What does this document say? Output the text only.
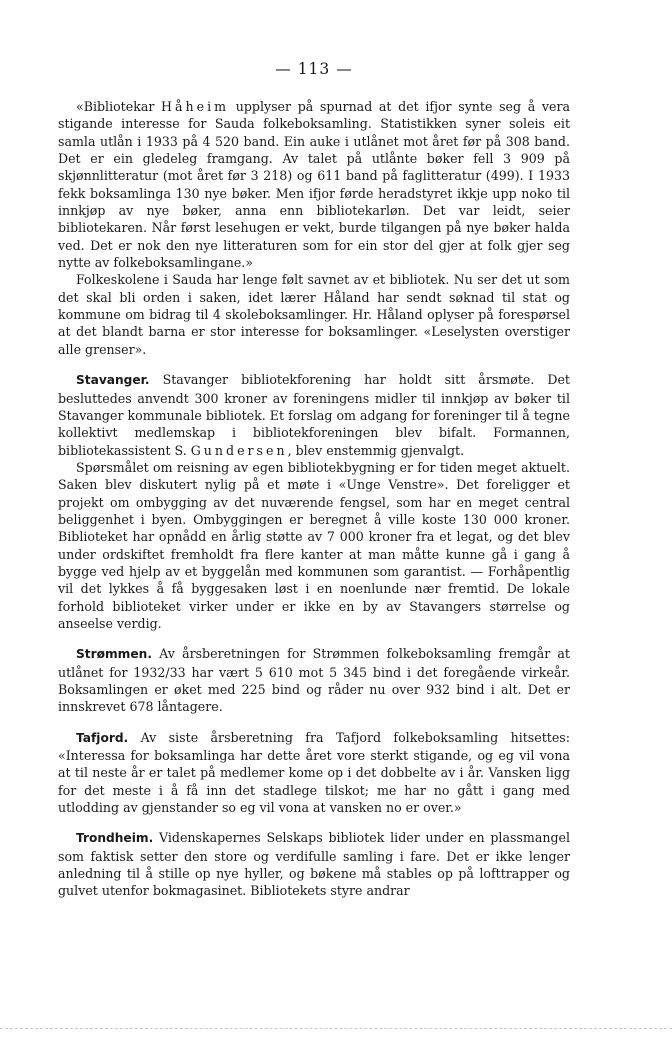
— 113 —

«Bibliotekar Håheim upplyser på spurnad at det ifjor synte seg å vera stigande interesse for Sauda folkeboksamling. Statistikken syner soleis eit samla utlån i 1933 på 4 520 band. Ein auke i utlånet mot året før på 308 band. Det er ein gledeleg framgang. Av talet på utlånte bøker fell 3 909 på skjønnlitteratur (mot året før 3 218) og 611 band på faglitteratur (499). I 1933 fekk boksamlinga 130 nye bøker. Men ifjor førde heradstyret ikkje upp noko til innkjøp av nye bøker, anna enn bibliotekarløn. Det var leidt, seier bibliotekaren. Når først lesehugen er vekt, burde tilgangen på nye bøker halda ved. Det er nok den nye litteraturen som for ein stor del gjer at folk gjer seg nytte av folkeboksamlingane.»

Folkeskolene i Sauda har lenge følt savnet av et bibliotek. Nu ser det ut som det skal bli orden i saken, idet lærer Håland har sendt søknad til stat og kommune om bidrag til 4 skoleboksamlinger. Hr. Håland oplyser på forespørsel at det blandt barna er stor interesse for boksamlinger. «Leselysten overstiger alle grenser».

Stavanger. Stavanger bibliotekforening har holdt sitt årsmøte. Det besluttedes anvendt 300 kroner av foreningens midler til innkjøp av bøker til Stavanger kommunale bibliotek. Et forslag om adgang for foreninger til å tegne kollektivt medlemskap i bibliotekforeningen blev bifalt. Formannen, bibliotekassistent S. Gundersen, blev enstemmig gjenvalgt.

Spørsmålet om reisning av egen bibliotekbygning er for tiden meget aktuelt. Saken blev diskutert nylig på et møte i «Unge Venstre». Det foreligger et projekt om ombygging av det nuværende fengsel, som har en meget central beliggenhet i byen. Ombyggingen er beregnet å ville koste 130 000 kroner. Biblioteket har opnådd en årlig støtte av 7 000 kroner fra et legat, og det blev under ordskiftet fremholdt fra flere kanter at man måtte kunne gå i gang å bygge ved hjelp av et byggelån med kommunen som garantist. — Forhåpentlig vil det lykkes å få byggesaken løst i en noenlunde nær fremtid. De lokale forhold biblioteket virker under er ikke en by av Stavangers størrelse og anseelse verdig.

Strømmen. Av årsberetningen for Strømmen folkeboksamling fremgår at utlånet for 1932/33 har vært 5 610 mot 5 345 bind i det foregående virkeår. Boksamlingen er øket med 225 bind og råder nu over 932 bind i alt. Det er innskrevet 678 låntagere.

Tafjord. Av siste årsberetning fra Tafjord folkeboksamling hitsettes: «Interessa for boksamlinga har dette året vore sterkt stigande, og eg vil vona at til neste år er talet på medlemer kome op i det dobbelte av i år. Vansken ligg for det meste i å få inn det stadlege tilskot; me har no gått i gang med utlodding av gjenstander so eg vil vona at vansken no er over.»

Trondheim. Videnskapernes Selskaps bibliotek lider under en plassmangel som faktisk setter den store og verdifulle samling i fare. Det er ikke lenger anledning til å stille op nye hyller, og bøkene må stables op på lofttrapper og gulvet utenfor bokmagasinet. Bibliotekets styre andrar
